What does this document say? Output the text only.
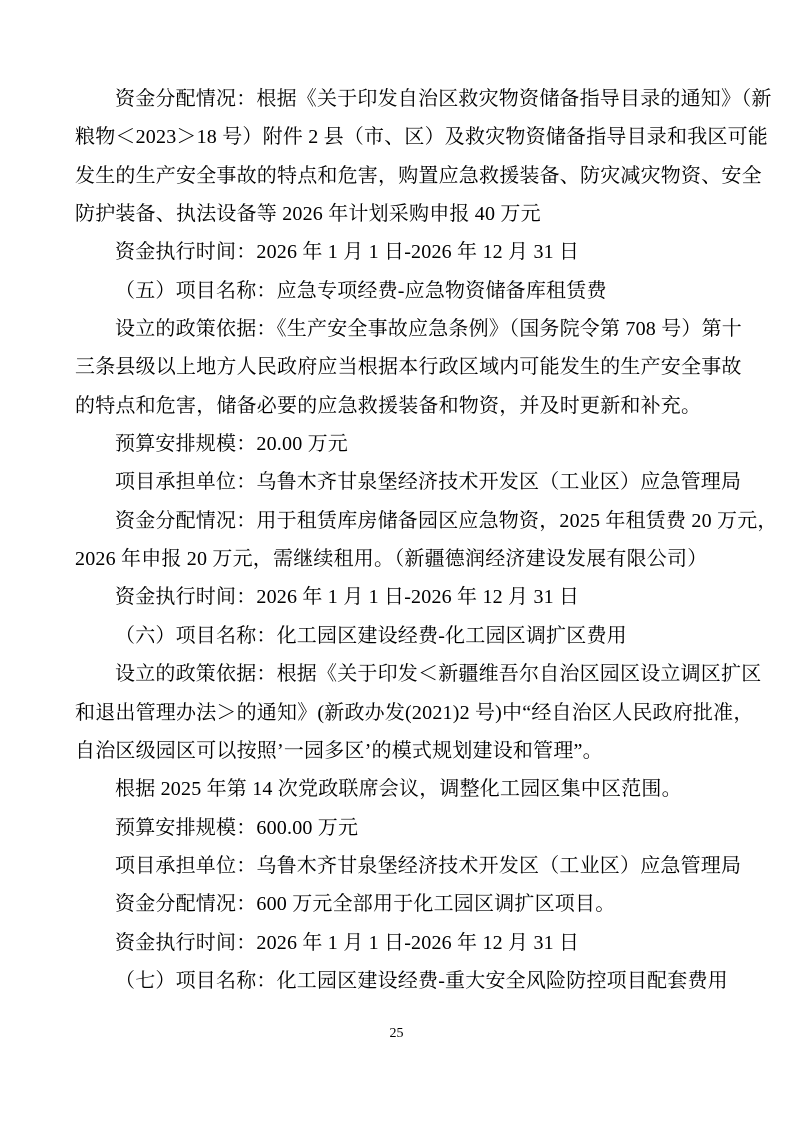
资金分配情况：根据《关于印发自治区救灾物资储备指导目录的通知》（新
粮物＜2023＞18 号）附件 2 县（市、区）及救灾物资储备指导目录和我区可能
发生的生产安全事故的特点和危害，购置应急救援装备、防灾减灾物资、安全
防护装备、执法设备等 2026 年计划采购申报 40 万元
资金执行时间：2026 年 1 月 1 日-2026 年 12 月 31 日
（五）项目名称：应急专项经费-应急物资储备库租赁费
设立的政策依据：《生产安全事故应急条例》（国务院令第 708 号）第十
三条县级以上地方人民政府应当根据本行政区域内可能发生的生产安全事故
的特点和危害，储备必要的应急救援装备和物资，并及时更新和补充。
预算安排规模：20.00 万元
项目承担单位：乌鲁木齐甘泉堡经济技术开发区（工业区）应急管理局
资金分配情况：用于租赁库房储备园区应急物资，2025 年租赁费 20 万元，
2026 年申报 20 万元，需继续租用。（新疆德润经济建设发展有限公司）
资金执行时间：2026 年 1 月 1 日-2026 年 12 月 31 日
（六）项目名称：化工园区建设经费-化工园区调扩区费用
设立的政策依据：根据《关于印发＜新疆维吾尔自治区园区设立调区扩区
和退出管理办法＞的通知》(新政办发(2021)2 号)中“经自治区人民政府批准，
自治区级园区可以按照’一园多区’的模式规划建设和管理”。
根据 2025 年第 14 次党政联席会议，调整化工园区集中区范围。
预算安排规模：600.00 万元
项目承担单位：乌鲁木齐甘泉堡经济技术开发区（工业区）应急管理局
资金分配情况：600 万元全部用于化工园区调扩区项目。
资金执行时间：2026 年 1 月 1 日-2026 年 12 月 31 日
（七）项目名称：化工园区建设经费-重大安全风险防控项目配套费用
25
